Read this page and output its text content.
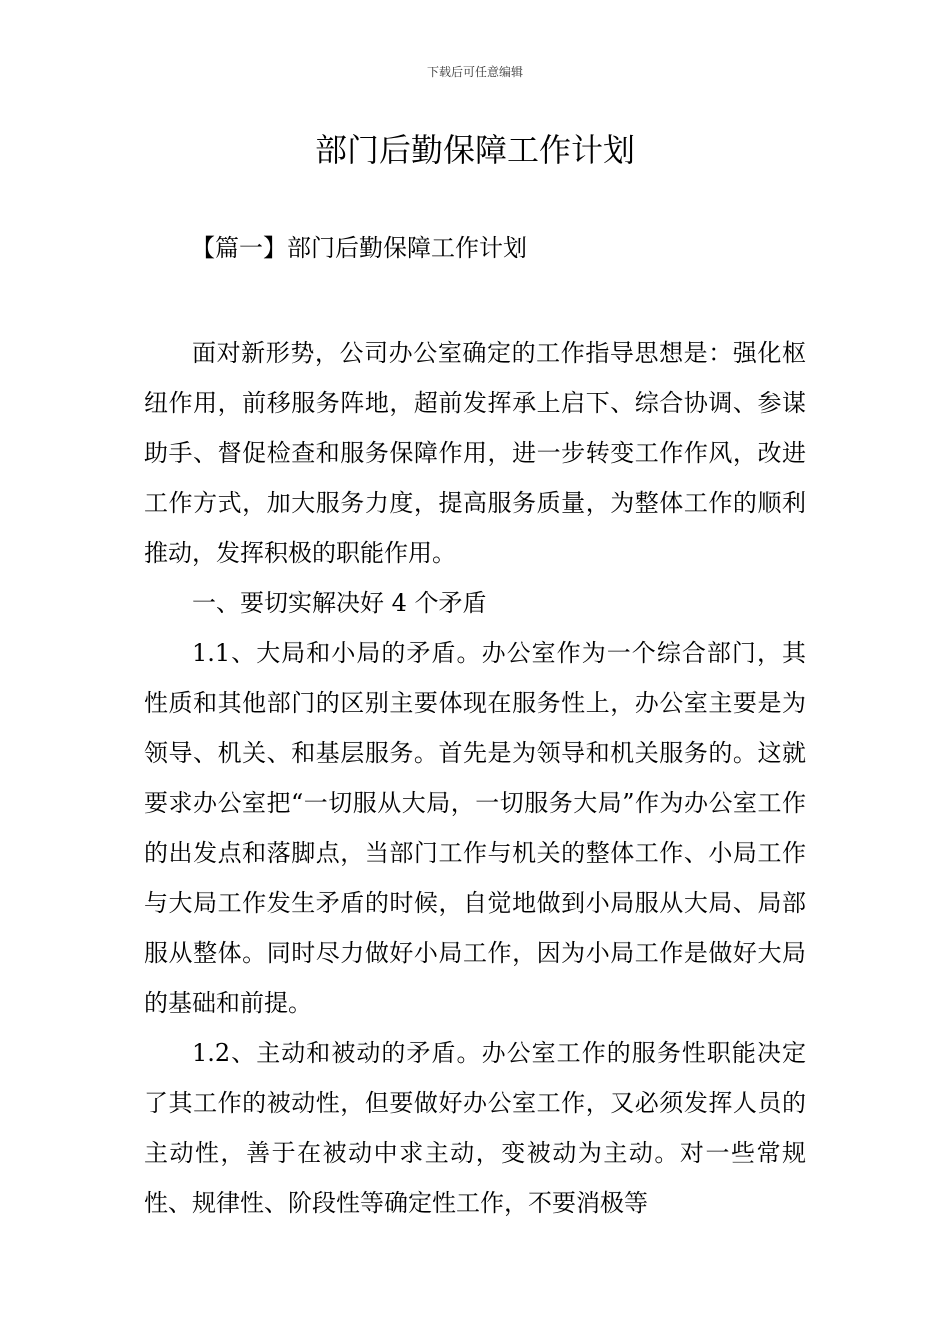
下载后可任意编辑
部门后勤保障工作计划
【篇一】部门后勤保障工作计划

面对新形势，公司办公室确定的工作指导思想是：强化枢纽作用，前移服务阵地，超前发挥承上启下、综合协调、参谋助手、督促检查和服务保障作用，进一步转变工作作风，改进工作方式，加大服务力度，提高服务质量，为整体工作的顺利推动，发挥积极的职能作用。

一、要切实解决好 4 个矛盾

1.1、大局和小局的矛盾。办公室作为一个综合部门，其性质和其他部门的区别主要体现在服务性上，办公室主要是为领导、机关、和基层服务。首先是为领导和机关服务的。这就要求办公室把“一切服从大局，一切服务大局”作为办公室工作的出发点和落脚点，当部门工作与机关的整体工作、小局工作与大局工作发生矛盾的时候，自觉地做到小局服从大局、局部服从整体。同时尽力做好小局工作，因为小局工作是做好大局的基础和前提。

1.2、主动和被动的矛盾。办公室工作的服务性职能决定了其工作的被动性，但要做好办公室工作，又必须发挥人员的主动性，善于在被动中求主动，变被动为主动。对一些常规性、规律性、阶段性等确定性工作，不要消极等
